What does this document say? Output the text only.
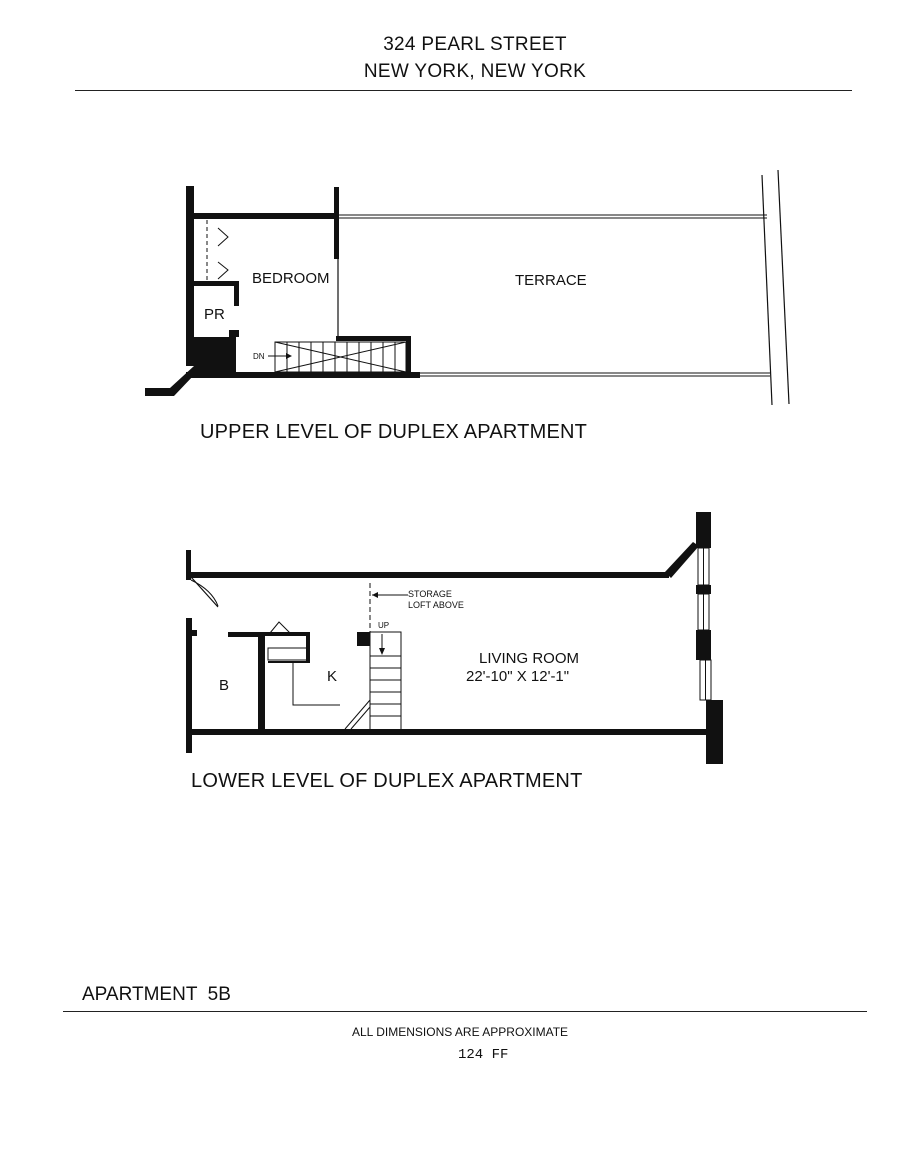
324 PEARL STREET
NEW YORK, NEW YORK
BEDROOM	TERRACE
PR
DN
UPPER LEVEL OF DUPLEX APARTMENT
STORAGE
LOFT ABOVE
UP
LIVING ROOM
22'-10" X 12'-1"
B
K
LOWER LEVEL OF DUPLEX APARTMENT
APARTMENT  5B
ALL DIMENSIONS ARE APPROXIMATE
124 FF
